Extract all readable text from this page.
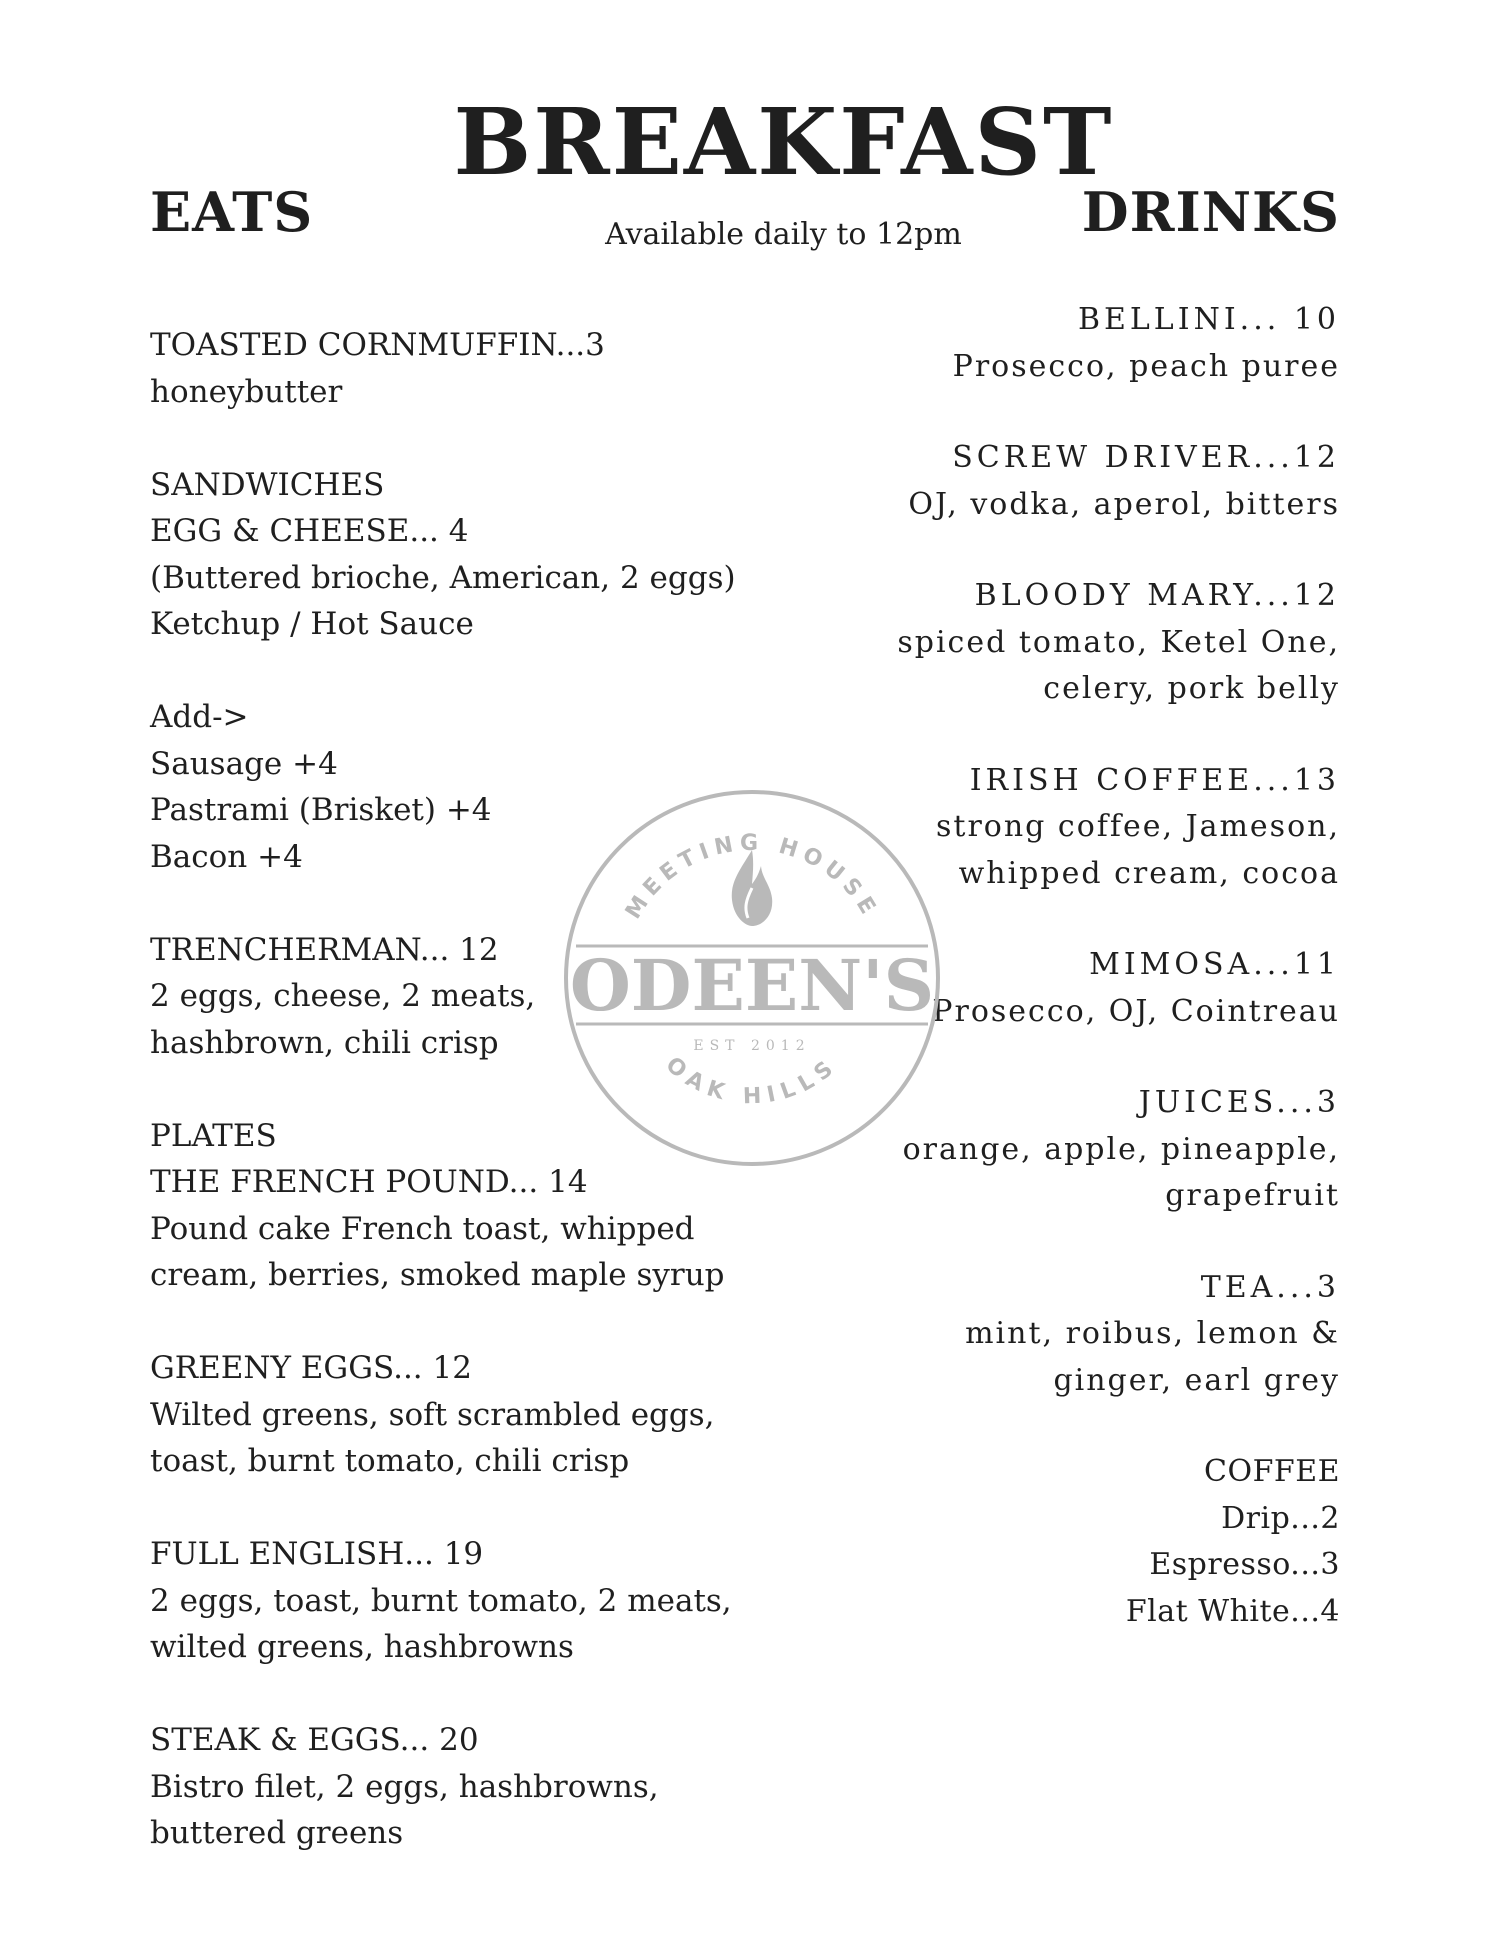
BREAKFAST
Available daily to 12pm
EATS	DRINKS
TOASTED CORNMUFFIN...3
honeybutter
SANDWICHES
EGG & CHEESE... 4
(Buttered brioche, American, 2 eggs)
Ketchup / Hot Sauce
Add->
Sausage +4
Pastrami (Brisket) +4
Bacon +4
TRENCHERMAN... 12
2 eggs, cheese, 2 meats,
hashbrown, chili crisp
PLATES
THE FRENCH POUND... 14
Pound cake French toast, whipped
cream, berries, smoked maple syrup
GREENY EGGS... 12
Wilted greens, soft scrambled eggs,
toast, burnt tomato, chili crisp
FULL ENGLISH... 19
2 eggs, toast, burnt tomato, 2 meats,
wilted greens, hashbrowns
STEAK & EGGS... 20
Bistro filet, 2 eggs, hashbrowns,
buttered greens
BELLINI... 10
Prosecco, peach puree
SCREW DRIVER...12
OJ, vodka, aperol, bitters
BLOODY MARY...12
spiced tomato, Ketel One,
celery, pork belly
IRISH COFFEE...13
strong coffee, Jameson,
whipped cream, cocoa
MIMOSA...11
Prosecco, OJ, Cointreau
JUICES...3
orange, apple, pineapple,
grapefruit
TEA...3
mint, roibus, lemon &
ginger, earl grey
COFFEE
Drip...2
Espresso...3
Flat White...4
MEETING HOUSE
ODEEN'S
EST 2012
OAK HILLS
